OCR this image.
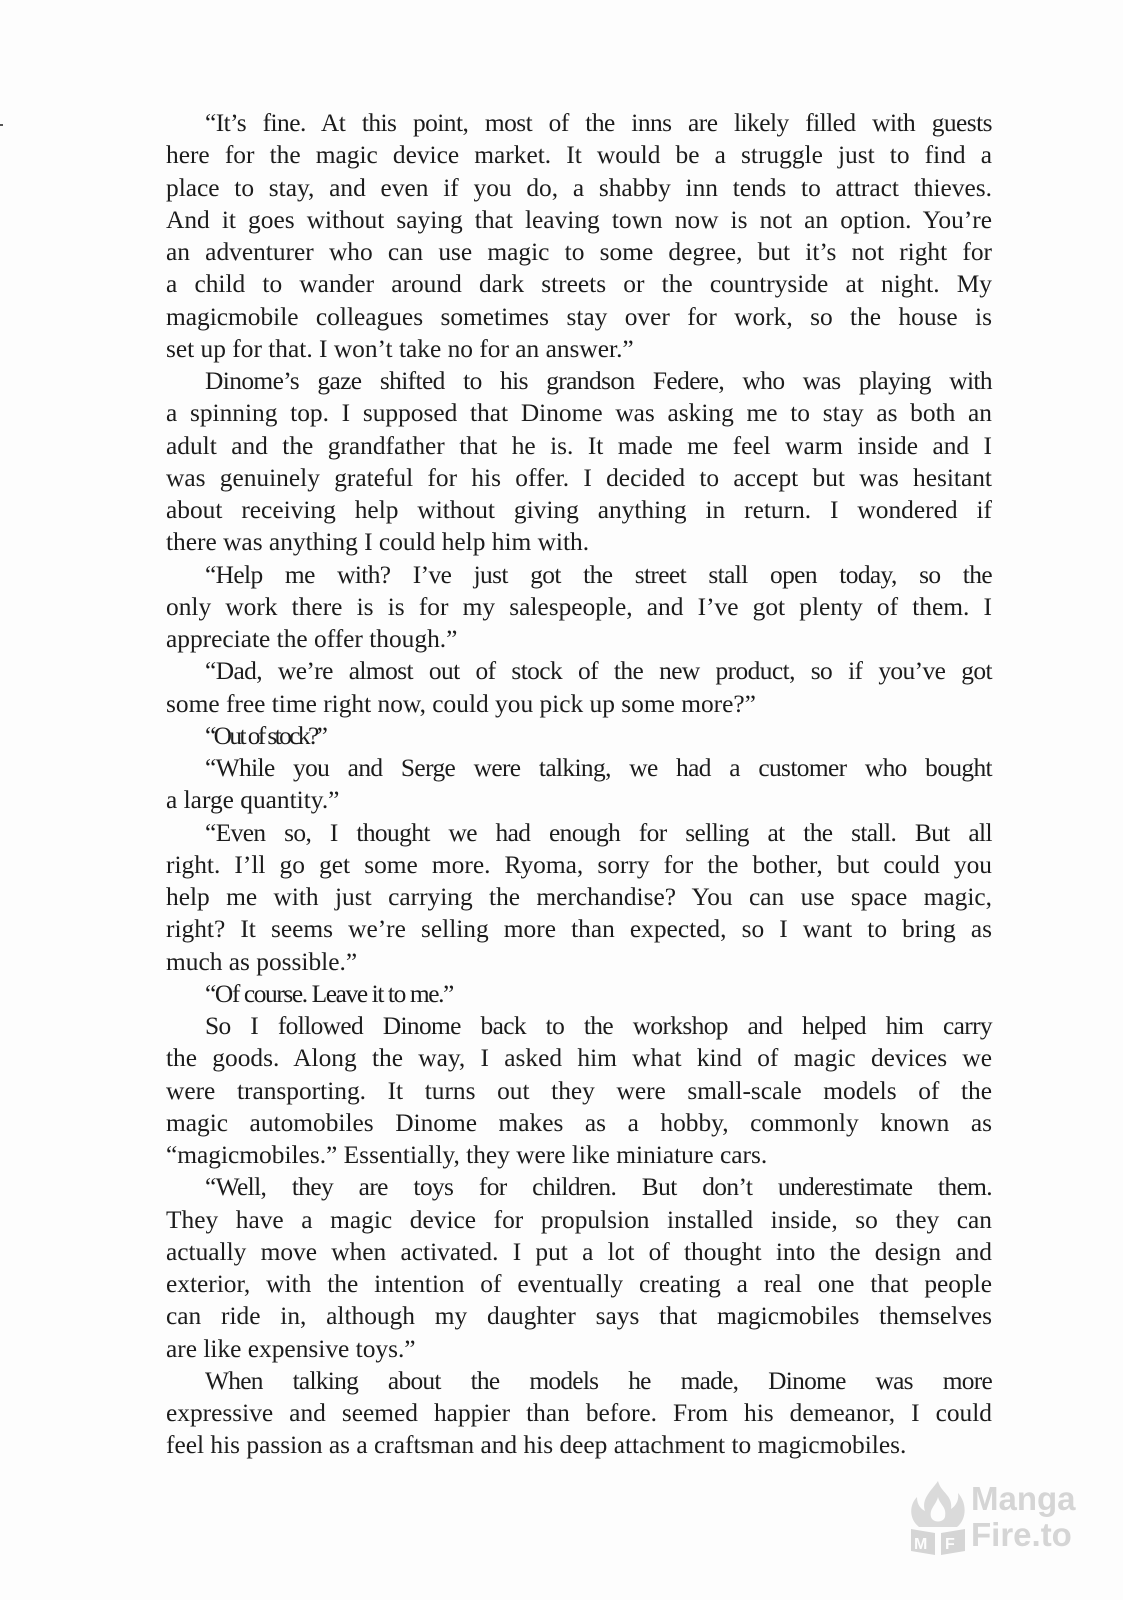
“It’s fine. At this point, most of the inns are likely filled with guests
here for the magic device market. It would be a struggle just to find a
place to stay, and even if you do, a shabby inn tends to attract thieves.
And it goes without saying that leaving town now is not an option. You’re
an adventurer who can use magic to some degree, but it’s not right for
a child to wander around dark streets or the countryside at night. My
magicmobile colleagues sometimes stay over for work, so the house is
set up for that. I won’t take no for an answer.”
Dinome’s gaze shifted to his grandson Federe, who was playing with
a spinning top. I supposed that Dinome was asking me to stay as both an
adult and the grandfather that he is. It made me feel warm inside and I
was genuinely grateful for his offer. I decided to accept but was hesitant
about receiving help without giving anything in return. I wondered if
there was anything I could help him with.
“Help me with? I’ve just got the street stall open today, so the
only work there is is for my salespeople, and I’ve got plenty of them. I
appreciate the offer though.”
“Dad, we’re almost out of stock of the new product, so if you’ve got
some free time right now, could you pick up some more?”
“Out of stock?”
“While you and Serge were talking, we had a customer who bought
a large quantity.”
“Even so, I thought we had enough for selling at the stall. But all
right. I’ll go get some more. Ryoma, sorry for the bother, but could you
help me with just carrying the merchandise? You can use space magic,
right? It seems we’re selling more than expected, so I want to bring as
much as possible.”
“Of course. Leave it to me.”
So I followed Dinome back to the workshop and helped him carry
the goods. Along the way, I asked him what kind of magic devices we
were transporting. It turns out they were small-scale models of the
magic automobiles Dinome makes as a hobby, commonly known as
“magicmobiles.” Essentially, they were like miniature cars.
“Well, they are toys for children. But don’t underestimate them.
They have a magic device for propulsion installed inside, so they can
actually move when activated. I put a lot of thought into the design and
exterior, with the intention of eventually creating a real one that people
can ride in, although my daughter says that magicmobiles themselves
are like expensive toys.”
When talking about the models he made, Dinome was more
expressive and seemed happier than before. From his demeanor, I could
feel his passion as a craftsman and his deep attachment to magicmobiles.
M F
Manga
Fire.to
